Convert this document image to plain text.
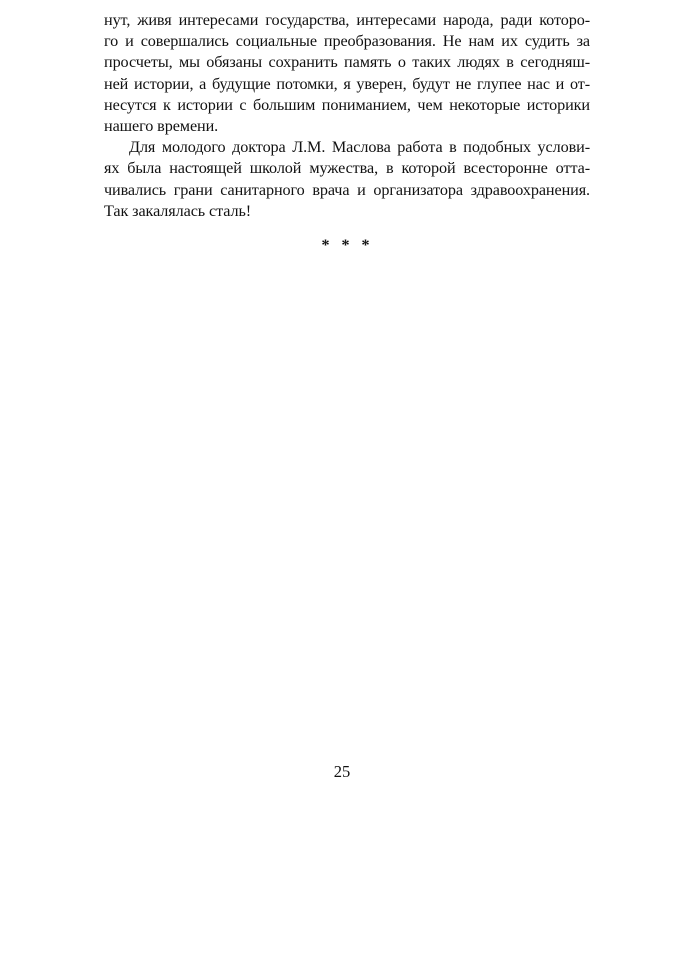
нут, живя интересами государства, интересами народа, ради которо-
го и совершались социальные преобразования. Не нам их судить за
просчеты, мы обязаны сохранить память о таких людях в сегодняш-
ней истории, а будущие потомки, я уверен, будут не глупее нас и от-
несутся к истории с большим пониманием, чем некоторые историки
нашего времени.
Для молодого доктора Л.М. Маслова работа в подобных услови-
ях была настоящей школой мужества, в которой всесторонне отта-
чивались грани санитарного врача и организатора здравоохранения.
Так закалялась сталь!
* * *
25
